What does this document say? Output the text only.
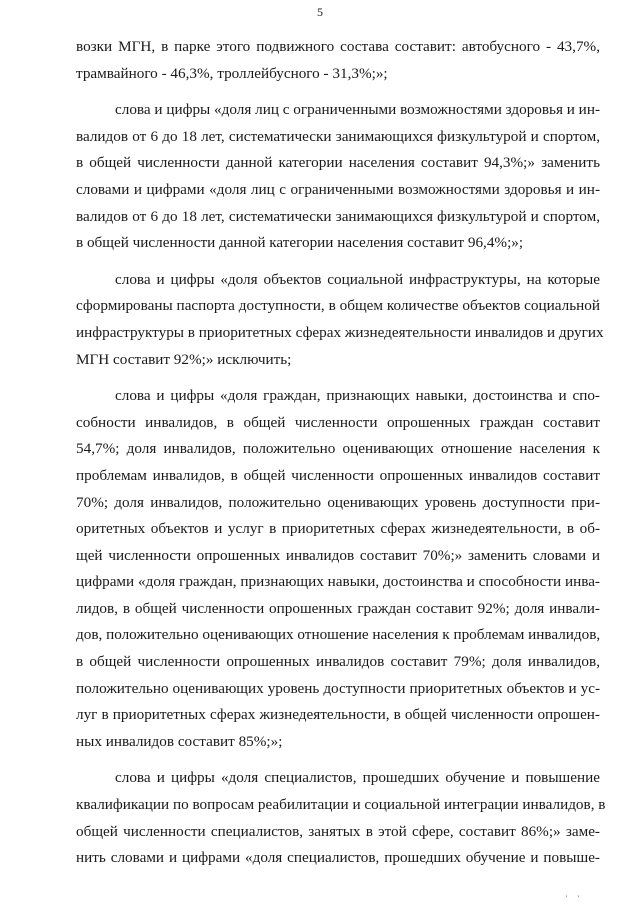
5
возки МГН, в парке этого подвижного состава составит: автобусного - 43,7%,
трамвайного - 46,3%, троллейбусного - 31,3%;»;
слова и цифры «доля лиц с ограниченными возможностями здоровья и ин-
валидов от 6 до 18 лет, систематически занимающихся физкультурой и спортом,
в общей численности данной категории населения составит 94,3%;» заменить
словами и цифрами «доля лиц с ограниченными возможностями здоровья и ин-
валидов от 6 до 18 лет, систематически занимающихся физкультурой и спортом,
в общей численности данной категории населения составит 96,4%;»;
слова и цифры «доля объектов социальной инфраструктуры, на которые
сформированы паспорта доступности, в общем количестве объектов социальной
инфраструктуры в приоритетных сферах жизнедеятельности инвалидов и других
МГН составит 92%;» исключить;
слова и цифры «доля граждан, признающих навыки, достоинства и спо-
собности инвалидов, в общей численности опрошенных граждан составит
54,7%; доля инвалидов, положительно оценивающих отношение населения к
проблемам инвалидов, в общей численности опрошенных инвалидов составит
70%; доля инвалидов, положительно оценивающих уровень доступности при-
оритетных объектов и услуг в приоритетных сферах жизнедеятельности, в об-
щей численности опрошенных инвалидов составит 70%;» заменить словами и
цифрами «доля граждан, признающих навыки, достоинства и способности инва-
лидов, в общей численности опрошенных граждан составит 92%; доля инвали-
дов, положительно оценивающих отношение населения к проблемам инвалидов,
в общей численности опрошенных инвалидов составит 79%; доля инвалидов,
положительно оценивающих уровень доступности приоритетных объектов и ус-
луг в приоритетных сферах жизнедеятельности, в общей численности опрошен-
ных инвалидов составит 85%;»;
слова и цифры «доля специалистов, прошедших обучение и повышение
квалификации по вопросам реабилитации и социальной интеграции инвалидов, в
общей численности специалистов, занятых в этой сфере, составит 86%;» заме-
нить словами и цифрами «доля специалистов, прошедших обучение и повыше-
' '
